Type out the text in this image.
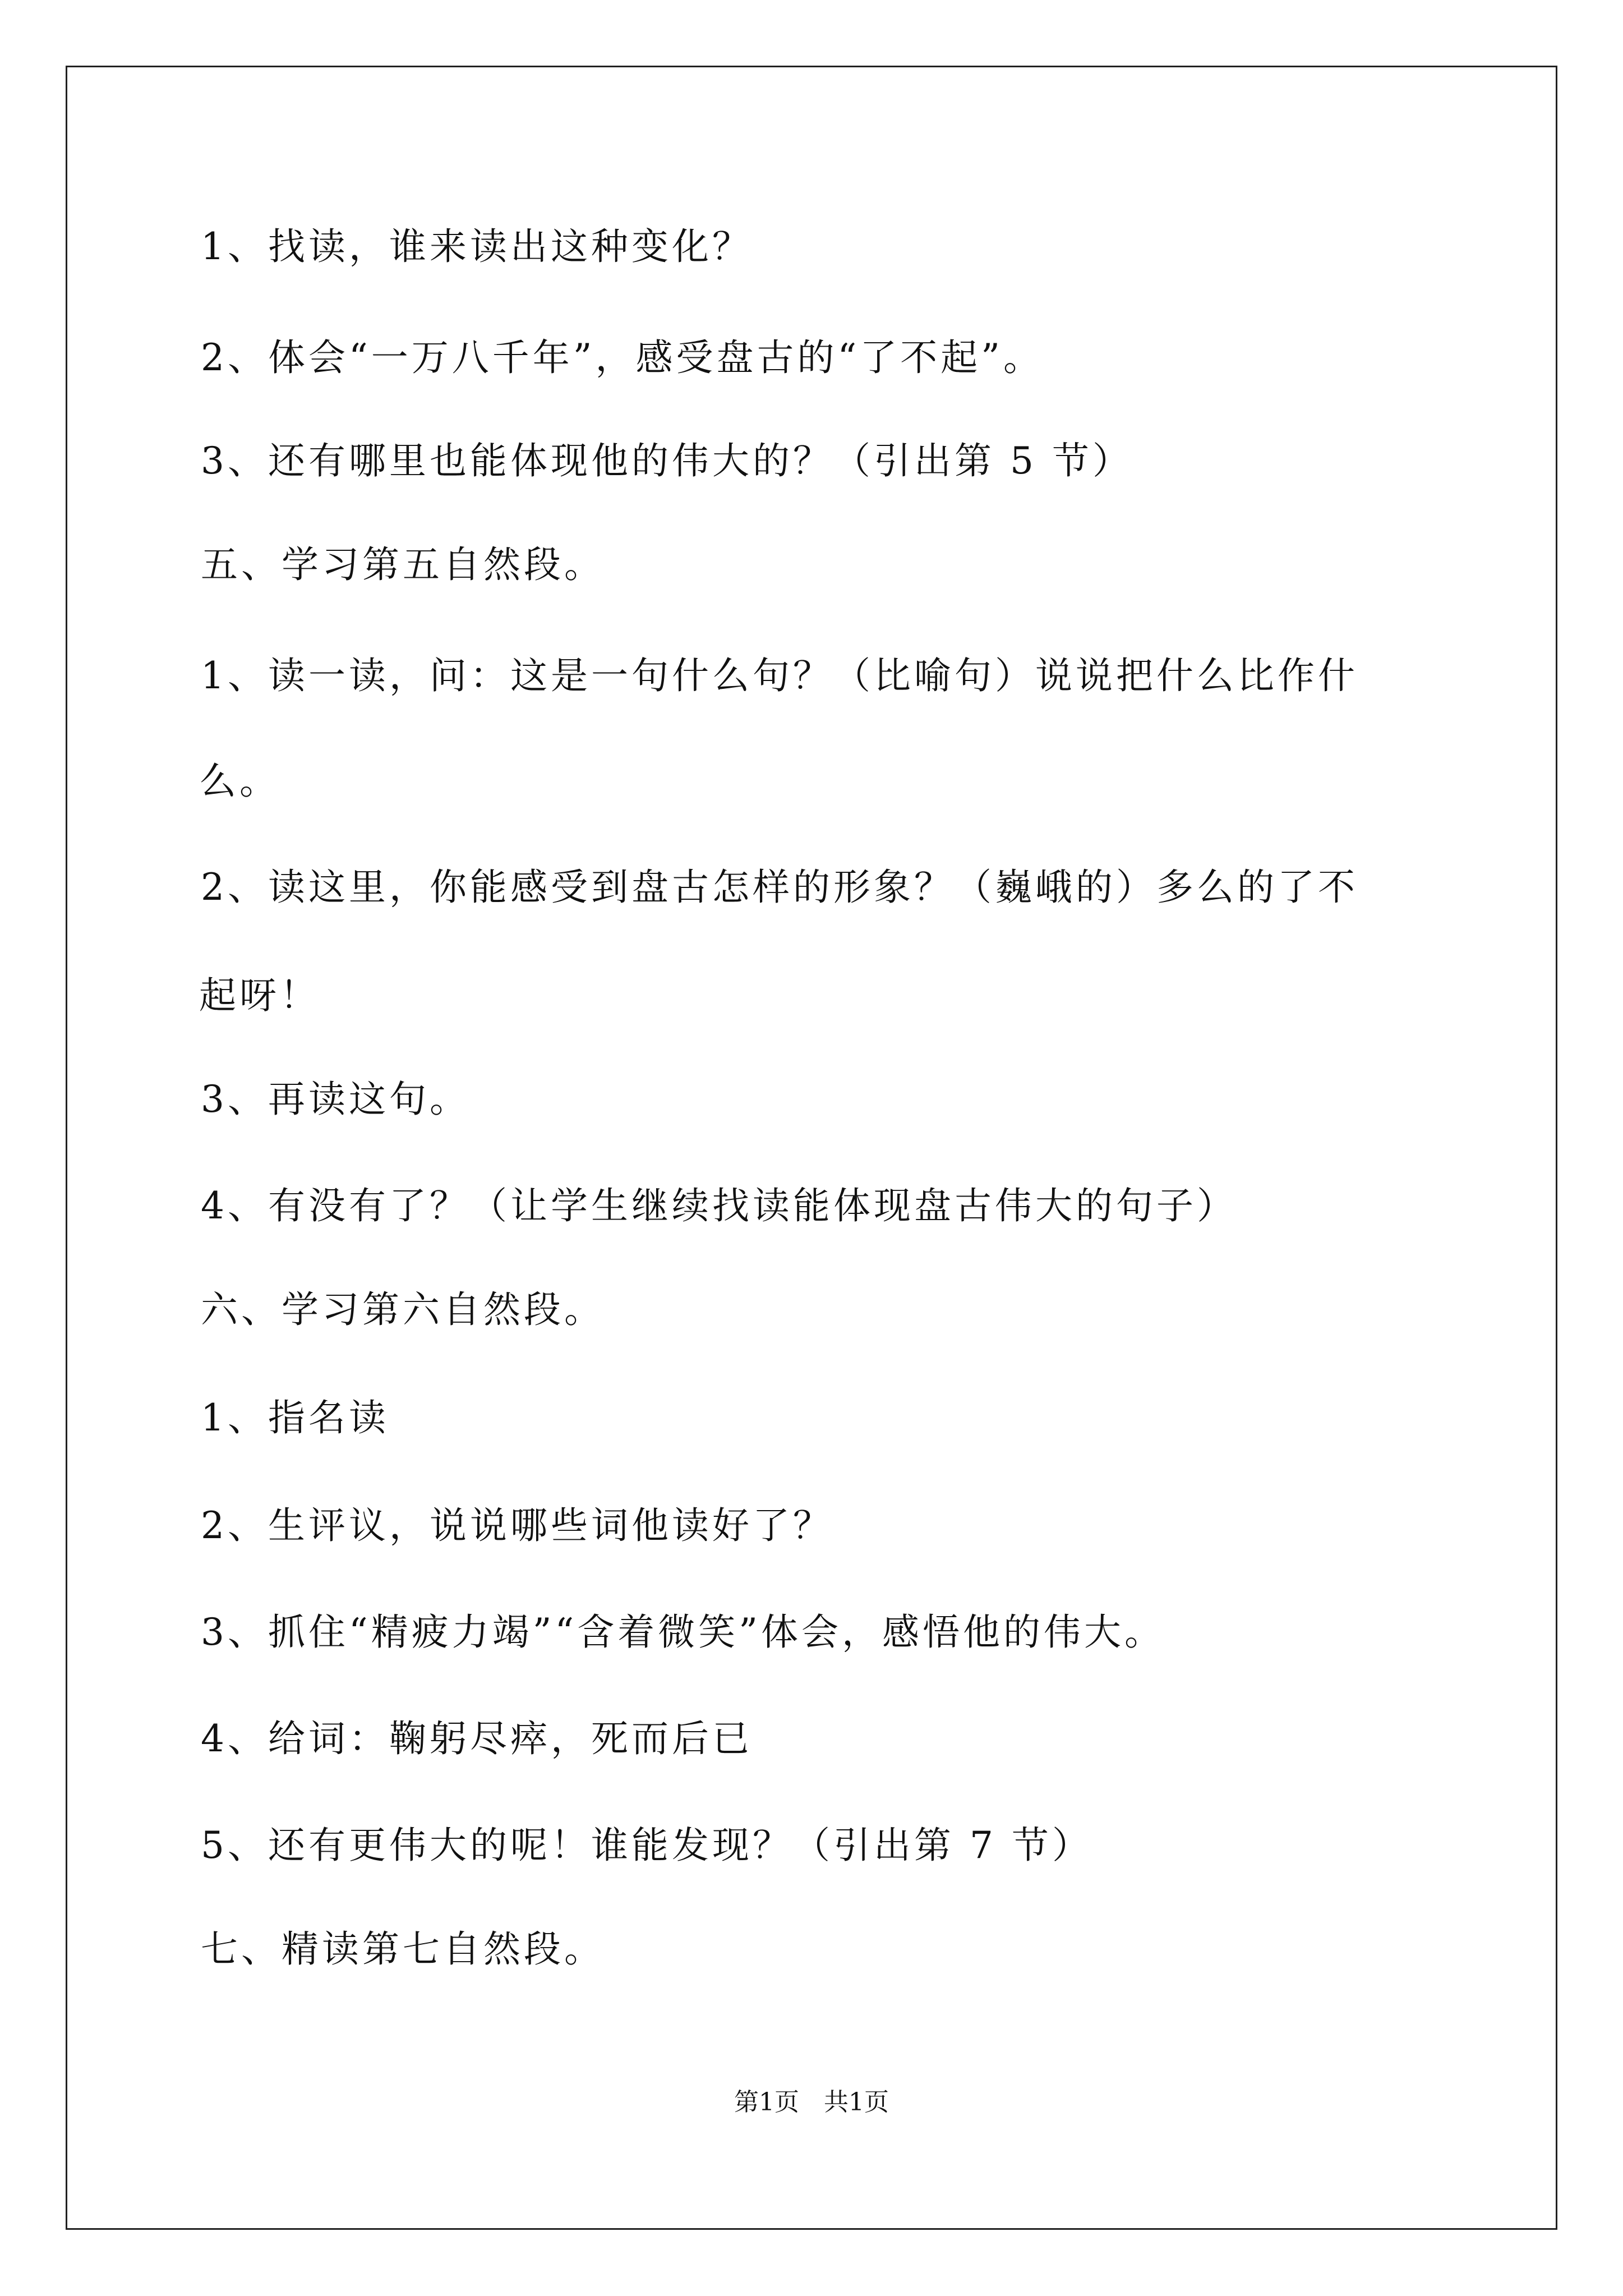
1、找读，谁来读出这种变化？
2、体会“一万八千年”，感受盘古的“了不起”。
3、还有哪里也能体现他的伟大的？（引出第 5 节）
五、学习第五自然段。
1、读一读，问：这是一句什么句？（比喻句）说说把什么比作什
么。
2、读这里，你能感受到盘古怎样的形象？（巍峨的）多么的了不
起呀！
3、再读这句。
4、有没有了？（让学生继续找读能体现盘古伟大的句子）
六、学习第六自然段。
1、指名读
2、生评议，说说哪些词他读好了？
3、抓住“精疲力竭”“含着微笑”体会，感悟他的伟大。
4、给词：鞠躬尽瘁，死而后已
5、还有更伟大的呢！谁能发现？（引出第 7 节）
七、精读第七自然段。
第1页　共1页
